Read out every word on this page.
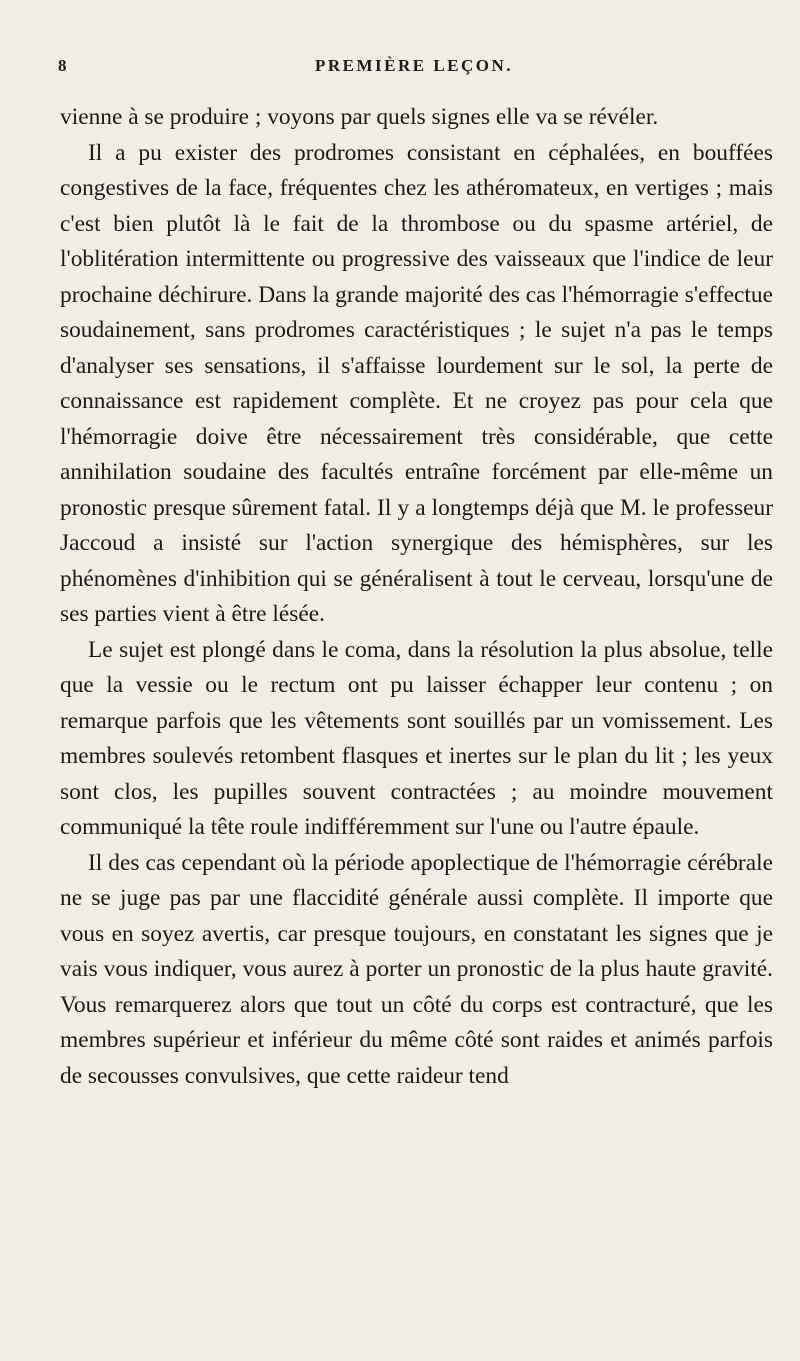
8	PREMIÈRE LEÇON.

vienne à se produire ; voyons par quels signes elle va se révéler.

Il a pu exister des prodromes consistant en céphalées, en bouffées congestives de la face, fréquentes chez les athéromateux, en vertiges ; mais c'est bien plutôt là le fait de la thrombose ou du spasme artériel, de l'oblitération intermittente ou progressive des vaisseaux que l'indice de leur prochaine déchirure. Dans la grande majorité des cas l'hémorragie s'effectue soudainement, sans prodromes caractéristiques ; le sujet n'a pas le temps d'analyser ses sensations, il s'affaisse lourdement sur le sol, la perte de connaissance est rapidement complète. Et ne croyez pas pour cela que l'hémorragie doive être nécessairement très considérable, que cette annihilation soudaine des facultés entraîne forcément par elle-même un pronostic presque sûrement fatal. Il y a longtemps déjà que M. le professeur Jaccoud a insisté sur l'action synergique des hémisphères, sur les phénomènes d'inhibition qui se généralisent à tout le cerveau, lorsqu'une de ses parties vient à être lésée.

Le sujet est plongé dans le coma, dans la résolution la plus absolue, telle que la vessie ou le rectum ont pu laisser échapper leur contenu ; on remarque parfois que les vêtements sont souillés par un vomissement. Les membres soulevés retombent flasques et inertes sur le plan du lit ; les yeux sont clos, les pupilles souvent contractées ; au moindre mouvement communiqué la tête roule indifféremment sur l'une ou l'autre épaule.

Il des cas cependant où la période apoplectique de l'hémorragie cérébrale ne se juge pas par une flaccidité générale aussi complète. Il importe que vous en soyez avertis, car presque toujours, en constatant les signes que je vais vous indiquer, vous aurez à porter un pronostic de la plus haute gravité. Vous remarquerez alors que tout un côté du corps est contracturé, que les membres supérieur et inférieur du même côté sont raides et animés parfois de secousses convulsives, que cette raideur tend
